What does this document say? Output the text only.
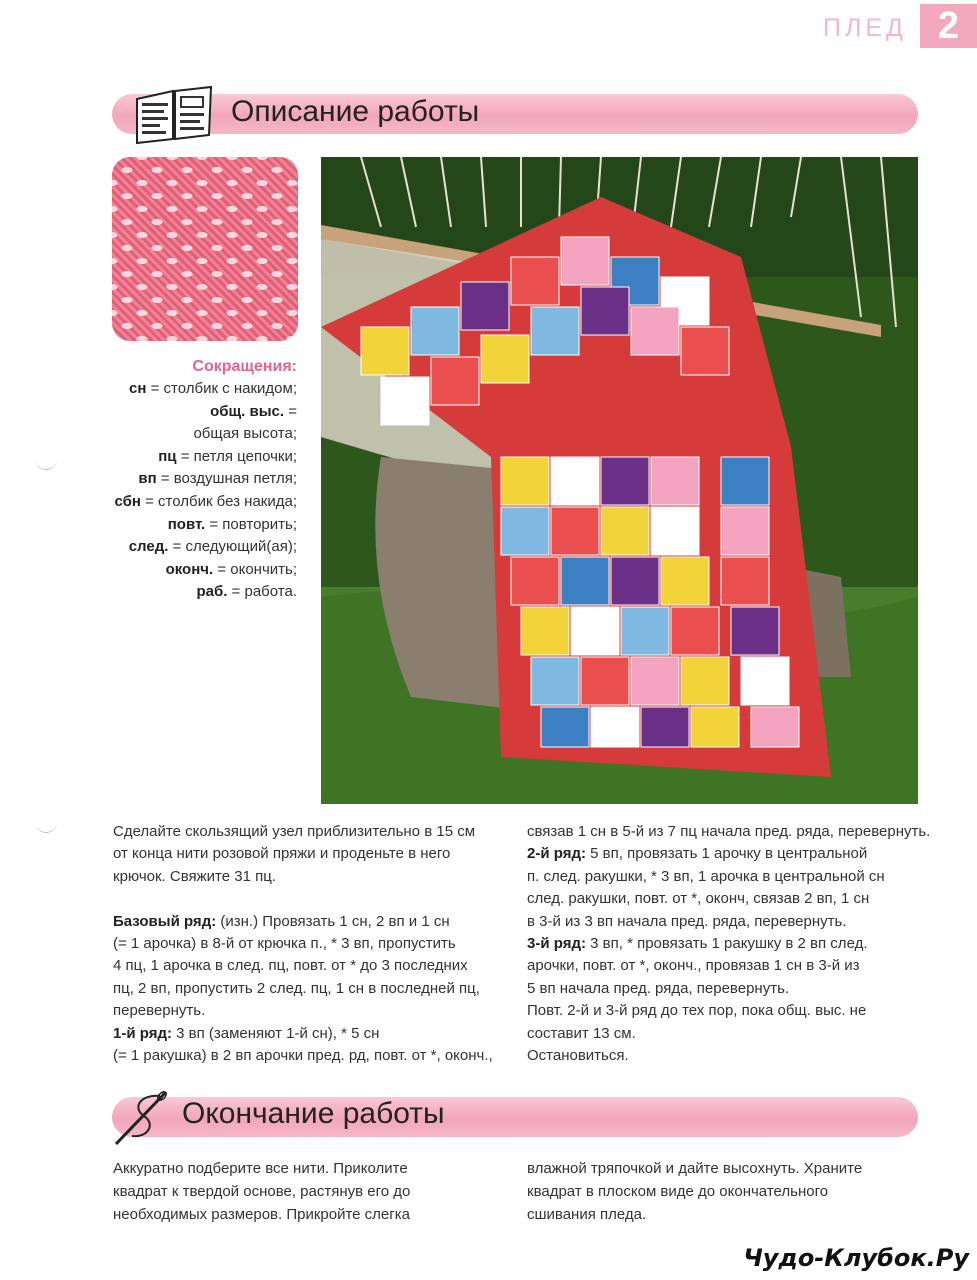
ПЛЕД 2
Описание работы
Сокращения:
сн = столбик с накидом;
общ. выс. =
общая высота;
пц = петля цепочки;
вп = воздушная петля;
сбн = столбик без накида;
повт. = повторить;
след. = следующий(ая);
оконч. = окончить;
раб. = работа.
Сделайте скользящий узел приблизительно в 15 см
от конца нити розовой пряжи и проденьте в него
крючок. Свяжите 31 пц.
Базовый ряд: (изн.) Провязать 1 сн, 2 вп и 1 сн
(= 1 арочка) в 8-й от крючка п., * 3 вп, пропустить
4 пц, 1 арочка в след. пц, повт. от * до 3 последних
пц, 2 вп, пропустить 2 след. пц, 1 сн в последней пц,
перевернуть.
1-й ряд: 3 вп (заменяют 1-й сн), * 5 сн
(= 1 ракушка) в 2 вп арочки пред. рд, повт. от *, оконч.,
связав 1 сн в 5-й из 7 пц начала пред. ряда, перевернуть.
2-й ряд: 5 вп, провязать 1 арочку в центральной
п. след. ракушки, * 3 вп, 1 арочка в центральной сн
след. ракушки, повт. от *, оконч, связав 2 вп, 1 сн
в 3-й из 3 вп начала пред. ряда, перевернуть.
3-й ряд: 3 вп, * провязать 1 ракушку в 2 вп след.
арочки, повт. от *, оконч., провязав 1 сн в 3-й из
5 вп начала пред. ряда, перевернуть.
Повт. 2-й и 3-й ряд до тех пор, пока общ. выс. не
составит 13 см.
Остановиться.
Окончание работы
Аккуратно подберите все нити. Приколите
квадрат к твердой основе, растянув его до
необходимых размеров. Прикройте слегка
влажной тряпочкой и дайте высохнуть. Храните
квадрат в плоском виде до окончательного
сшивания пледа.
Чудо-Клубок.Ру
